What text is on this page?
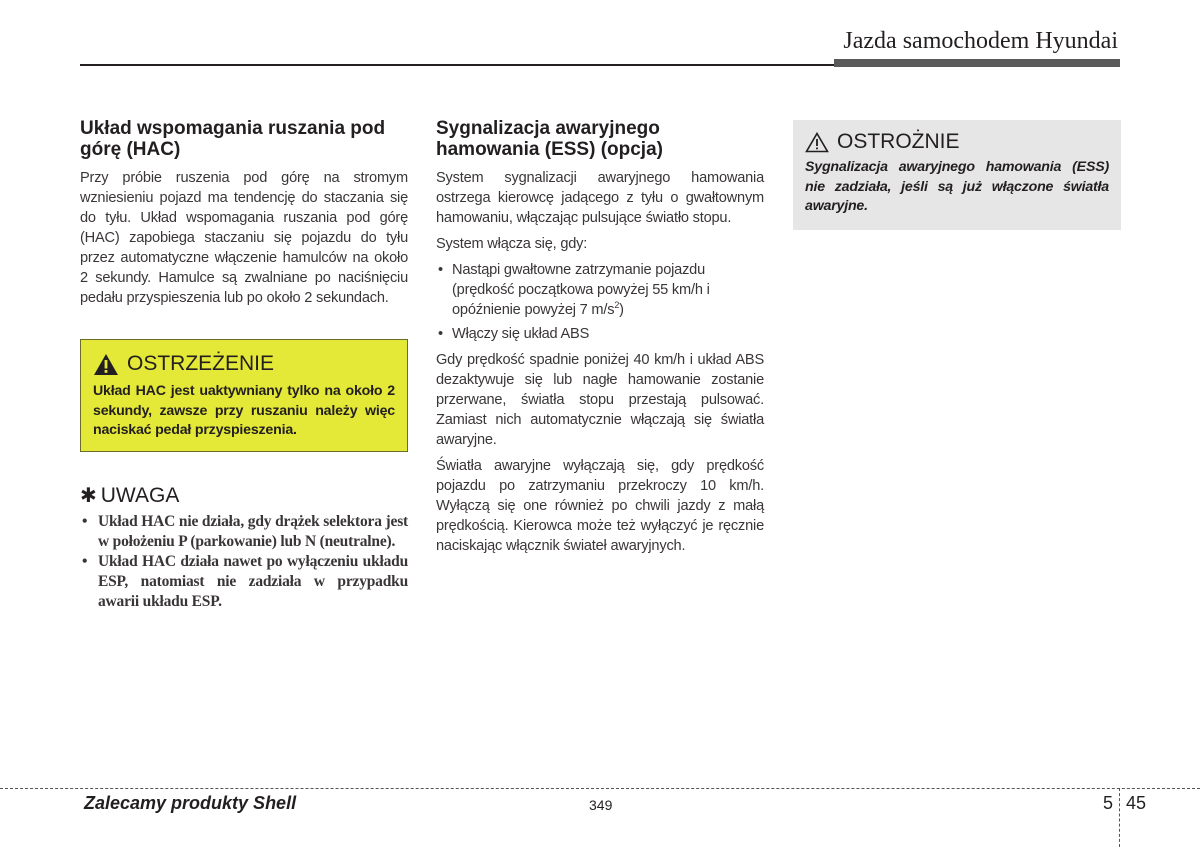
Jazda samochodem Hyundai
Układ wspomagania ruszania pod górę (HAC)

Przy próbie ruszenia pod górę na stromym wzniesieniu pojazd ma tendencję do staczania się do tyłu. Układ wspomagania ruszania pod górę (HAC) zapobiega staczaniu się pojazdu do tyłu przez automatyczne włączenie hamulców na około 2 sekundy. Hamulce są zwalniane po naciśnięciu pedału przyspieszenia lub po około 2 sekundach.

OSTRZEŻENIE

Układ HAC jest uaktywniany tylko na około 2 sekundy, zawsze przy ruszaniu należy więc naciskać pedał przyspieszenia.

✱ UWAGA
• Układ HAC nie działa, gdy drążek selektora jest w położeniu P (parkowanie) lub N (neutralne).
• Układ HAC działa nawet po wyłączeniu układu ESP, natomiast nie zadziała w przypadku awarii układu ESP.
Sygnalizacja awaryjnego hamowania (ESS) (opcja)

System sygnalizacji awaryjnego hamowania ostrzega kierowcę jadącego z tyłu o gwałtownym hamowaniu, włączając pulsujące światło stopu.

System włącza się, gdy:

• Nastąpi gwałtowne zatrzymanie pojazdu (prędkość początkowa powyżej 55 km/h i opóźnienie powyżej 7 $m/s^2$)
• Włączy się układ ABS

Gdy prędkość spadnie poniżej 40 km/h i układ ABS dezaktywuje się lub nagłe hamowanie zostanie przerwane, światła stopu przestają pulsować. Zamiast nich automatycznie włączają się światła awaryjne.

Światła awaryjne wyłączają się, gdy prędkość pojazdu po zatrzymaniu przekroczy 10 km/h. Wyłączą się one również po chwili jazdy z małą prędkością. Kierowca może też wyłączyć je ręcznie naciskając włącznik świateł awaryjnych.

OSTROŻNIE

Sygnalizacja awaryjnego hamowania (ESS) nie zadziała, jeśli są już włączone światła awaryjne.

Zalecamy produkty Shell	349	5 45
